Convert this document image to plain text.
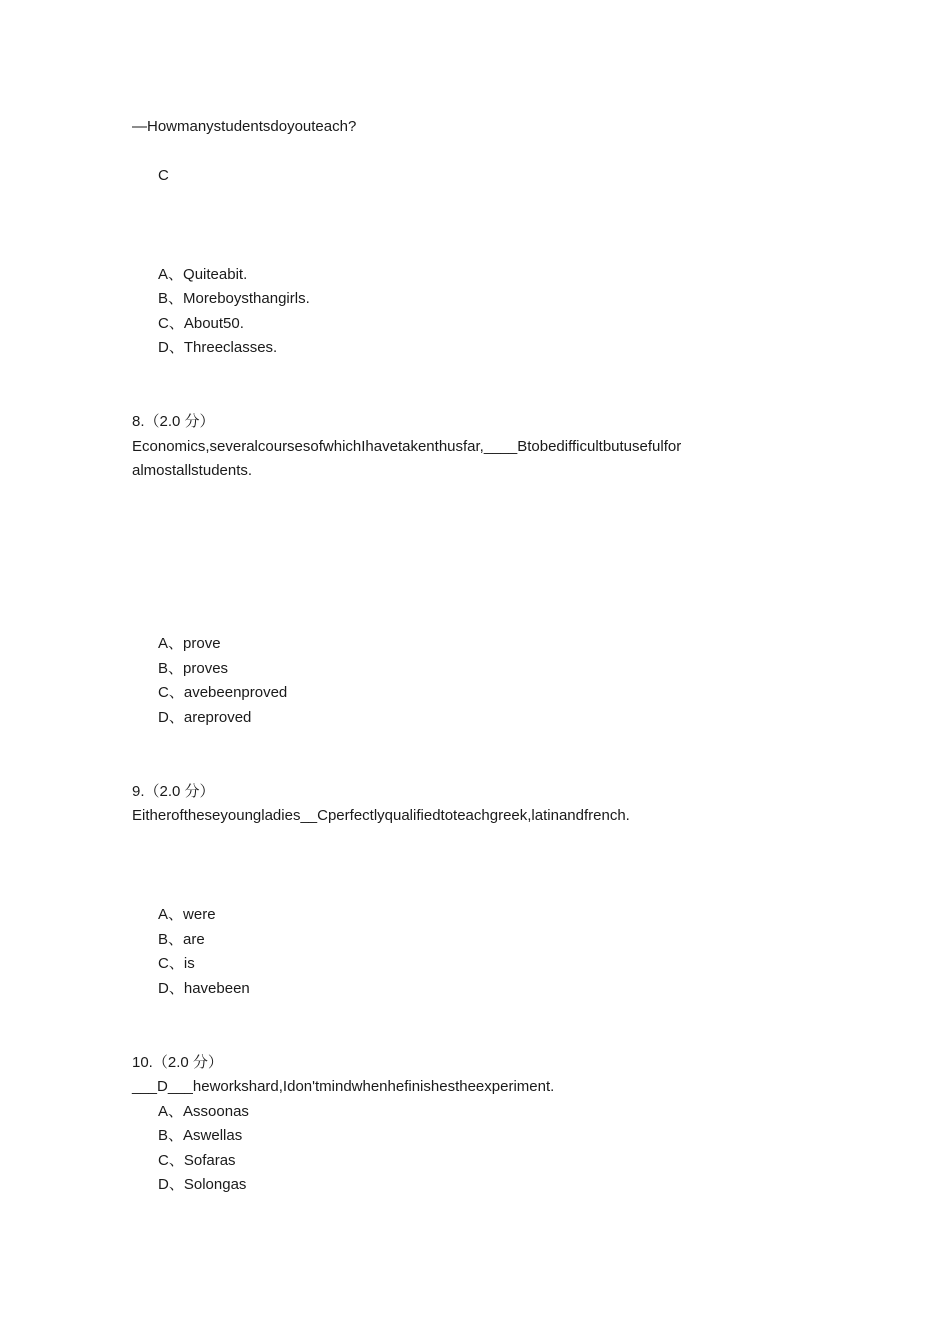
—Howmanystudentsdoyouteach?
C
A、Quiteabit.
B、Moreboysthangirls.
C、About50.
D、Threeclasses.
8.（2.0 分）
Economics,severalcoursesofwhichIhavetakenthusfar,____Btobedifficultbutusefulfor
almostallstudents.
A、prove
B、proves
C、avebeenproved
D、areproved
9.（2.0 分）
Eitheroftheseyoungladies__Cperfectlyqualifiedtoteachgreek,latinandfrench.
A、were
B、are
C、is
D、havebeen
10.（2.0 分）
___D___heworkshard,Idon'tmindwhenhefinishestheexperiment.
A、Assoonas
B、Aswellas
C、Sofaras
D、Solongas
